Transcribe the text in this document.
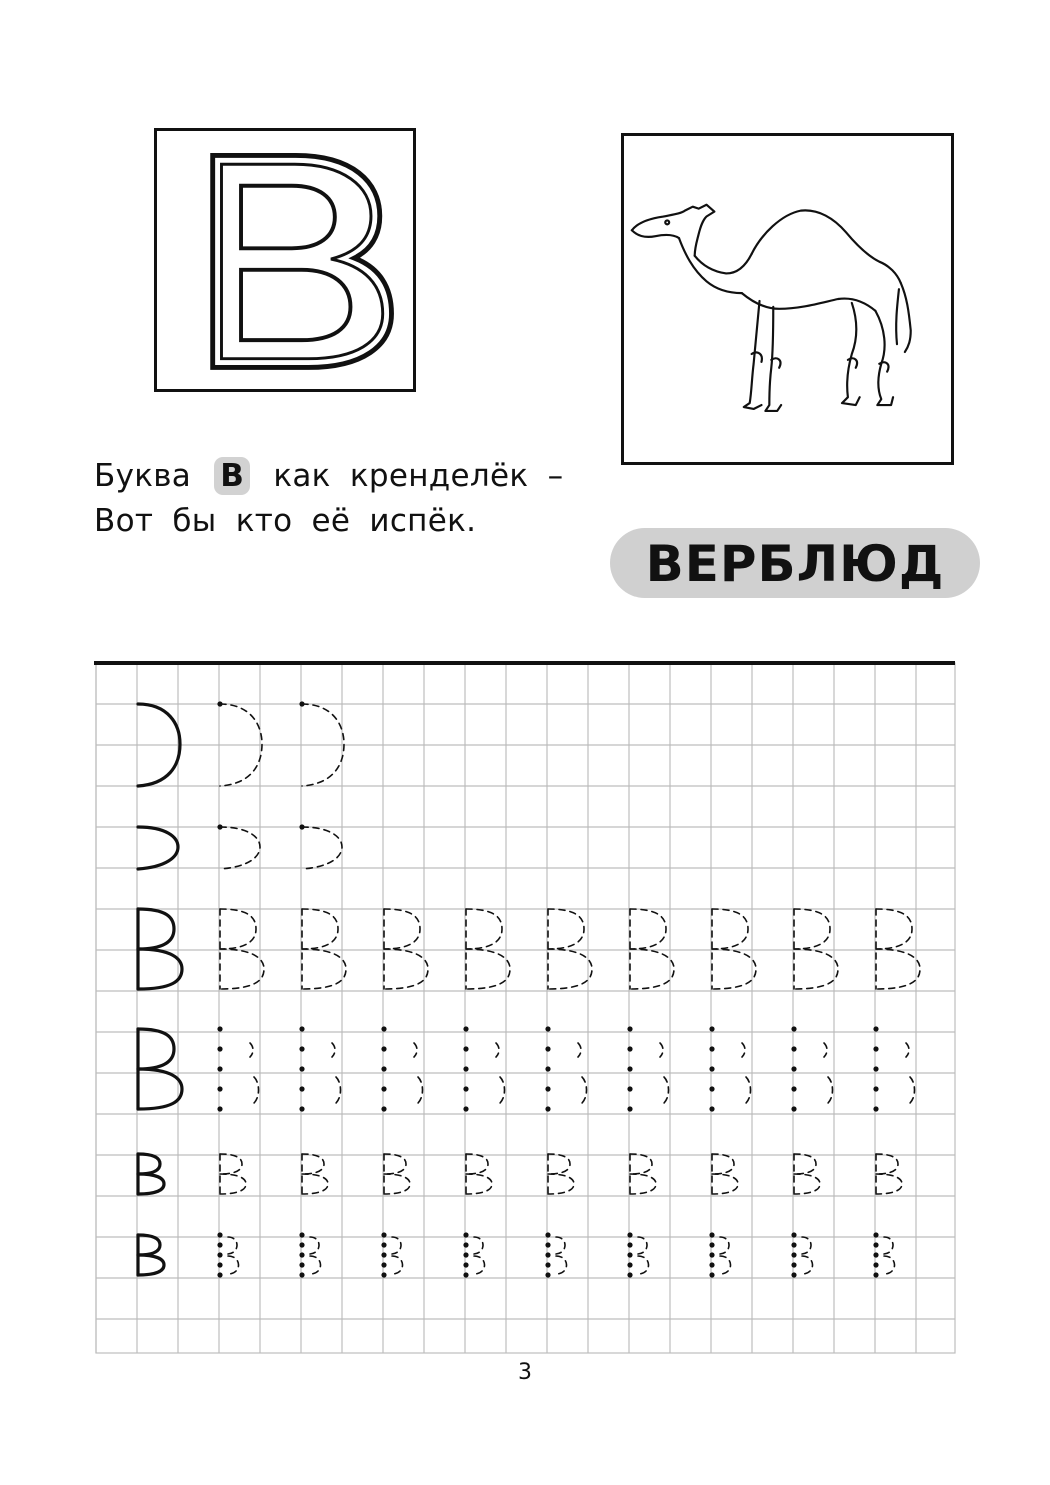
Буква В как кренделёк –
Вот бы кто её испёк.
ВЕРБЛЮД
3
